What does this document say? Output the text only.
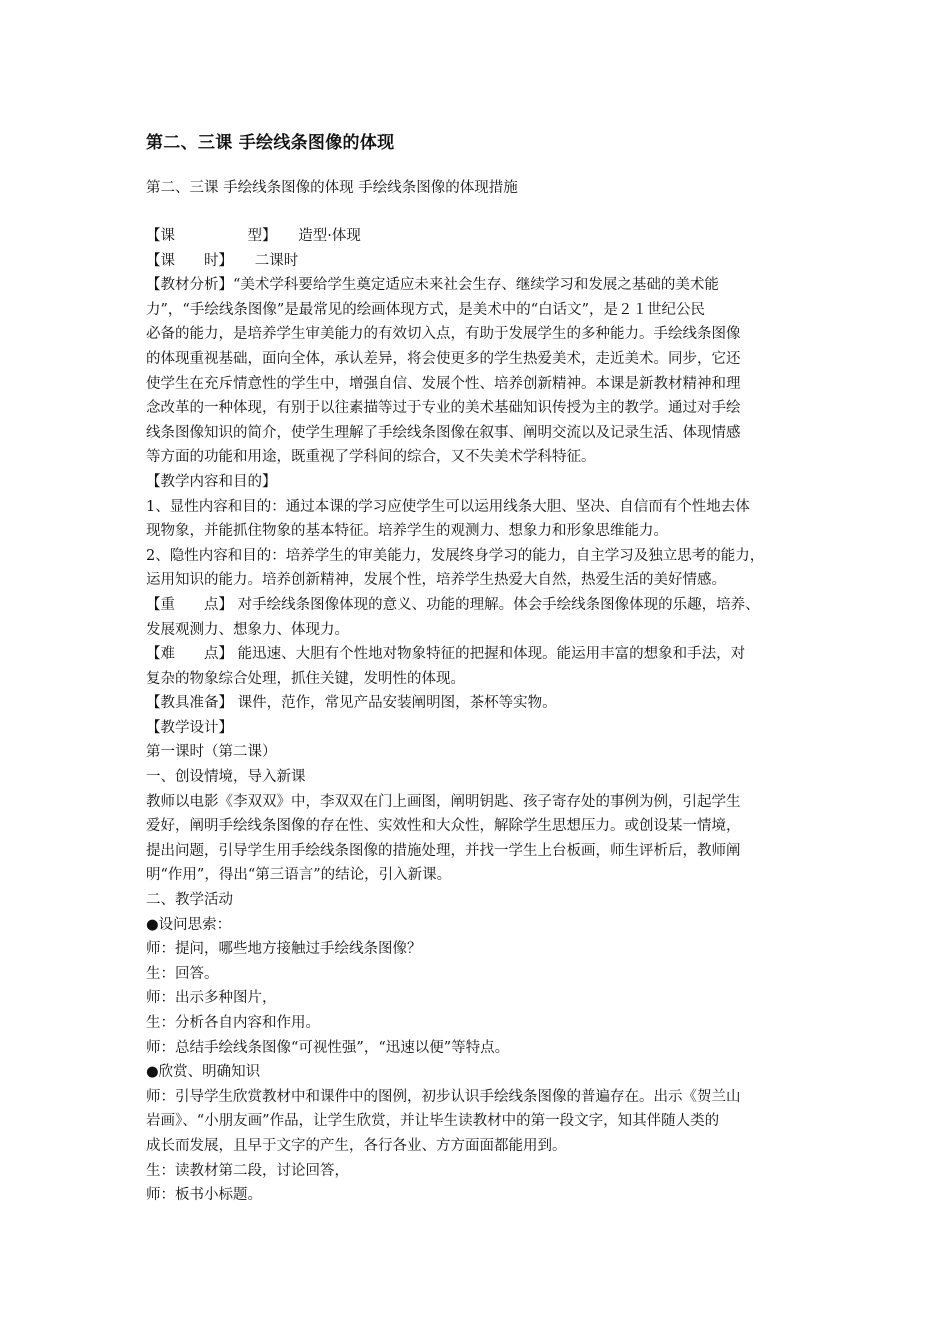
第二、三课 手绘线条图像的体现
第二、三课 手绘线条图像的体现 手绘线条图像的体现措施
【课　　　　　型】　　造型·体现
【课　　时】　　二课时
【教材分析】“美术学科要给学生奠定适应未来社会生存、继续学习和发展之基础的美术能
力”，“手绘线条图像”是最常见的绘画体现方式，是美术中的“白话文”，是２１世纪公民
必备的能力，是培养学生审美能力的有效切入点，有助于发展学生的多种能力。手绘线条图像
的体现重视基础，面向全体，承认差异，将会使更多的学生热爱美术，走近美术。同步，它还
使学生在充斥情意性的学生中，增强自信、发展个性、培养创新精神。本课是新教材精神和理
念改革的一种体现，有别于以往素描等过于专业的美术基础知识传授为主的教学。通过对手绘
线条图像知识的简介，使学生理解了手绘线条图像在叙事、阐明交流以及记录生活、体现情感
等方面的功能和用途，既重视了学科间的综合，又不失美术学科特征。
【教学内容和目的】
1、显性内容和目的：通过本课的学习应使学生可以运用线条大胆、坚决、自信而有个性地去体
现物象，并能抓住物象的基本特征。培养学生的观测力、想象力和形象思维能力。
2、隐性内容和目的：培养学生的审美能力，发展终身学习的能力，自主学习及独立思考的能力，
运用知识的能力。培养创新精神，发展个性，培养学生热爱大自然，热爱生活的美好情感。
【重　　点】 对手绘线条图像体现的意义、功能的理解。体会手绘线条图像体现的乐趣，培养、
发展观测力、想象力、体现力。
【难　　点】 能迅速、大胆有个性地对物象特征的把握和体现。能运用丰富的想象和手法，对
复杂的物象综合处理，抓住关键，发明性的体现。
【教具准备】 课件，范作，常见产品安装阐明图，茶杯等实物。
【教学设计】
第一课时（第二课）
一、创设情境，导入新课
教师以电影《李双双》中，李双双在门上画图，阐明钥匙、孩子寄存处的事例为例，引起学生
爱好，阐明手绘线条图像的存在性、实效性和大众性，解除学生思想压力。或创设某一情境，
提出问题，引导学生用手绘线条图像的措施处理，并找一学生上台板画，师生评析后，教师阐
明“作用”，得出“第三语言”的结论，引入新课。
二、教学活动
●设问思索：
师：提问，哪些地方接触过手绘线条图像？
生：回答。
师：出示多种图片，
生：分析各自内容和作用。
师：总结手绘线条图像“可视性强”，“迅速以便”等特点。
●欣赏、明确知识
师：引导学生欣赏教材中和课件中的图例，初步认识手绘线条图像的普遍存在。出示《贺兰山
岩画》、“小朋友画”作品，让学生欣赏，并让毕生读教材中的第一段文字，知其伴随人类的
成长而发展，且早于文字的产生，各行各业、方方面面都能用到。
生：读教材第二段，讨论回答，
师：板书小标题。
